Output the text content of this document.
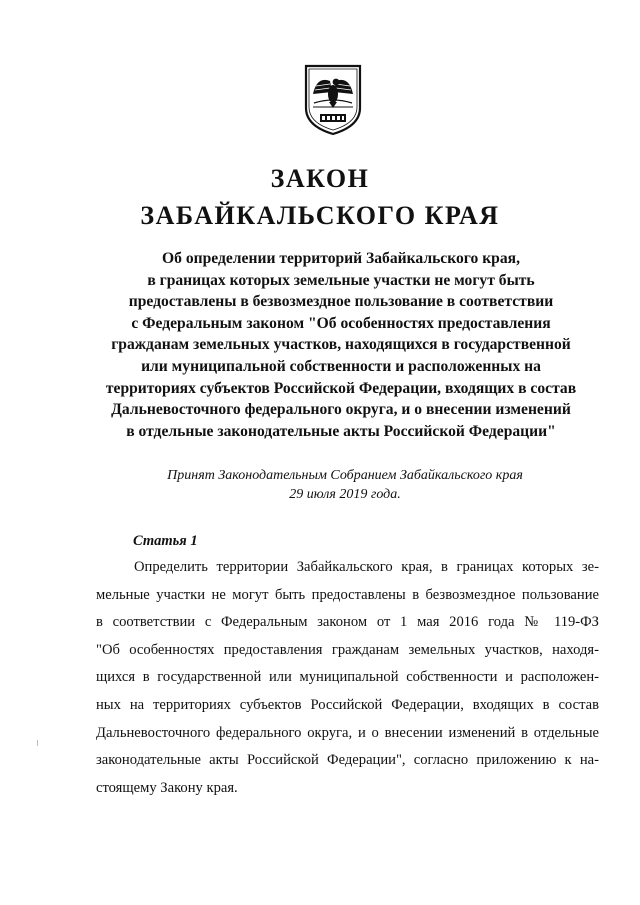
ЗАКОН
ЗАБАЙКАЛЬСКОГО КРАЯ

Об определении территорий Забайкальского края,
в границах которых земельные участки не могут быть
предоставлены в безвозмездное пользование в соответствии
с Федеральным законом "Об особенностях предоставления
гражданам земельных участков, находящихся в государственной
или муниципальной собственности и расположенных на
территориях субъектов Российской Федерации, входящих в состав
Дальневосточного федерального округа, и о внесении изменений
в отдельные законодательные акты Российской Федерации"

Принят Законодательным Собранием Забайкальского края
29 июля 2019 года.

Статья 1
Определить территории Забайкальского края, в границах которых зе-
мельные участки не могут быть предоставлены в безвозмездное пользование
в соответствии с Федеральным законом от 1 мая 2016 года № 119-ФЗ
"Об особенностях предоставления гражданам земельных участков, находя-
щихся в государственной или муниципальной собственности и расположен-
ных на территориях субъектов Российской Федерации, входящих в состав
Дальневосточного федерального округа, и о внесении изменений в отдельные
законодательные акты Российской Федерации", согласно приложению к на-
стоящему Закону края.
